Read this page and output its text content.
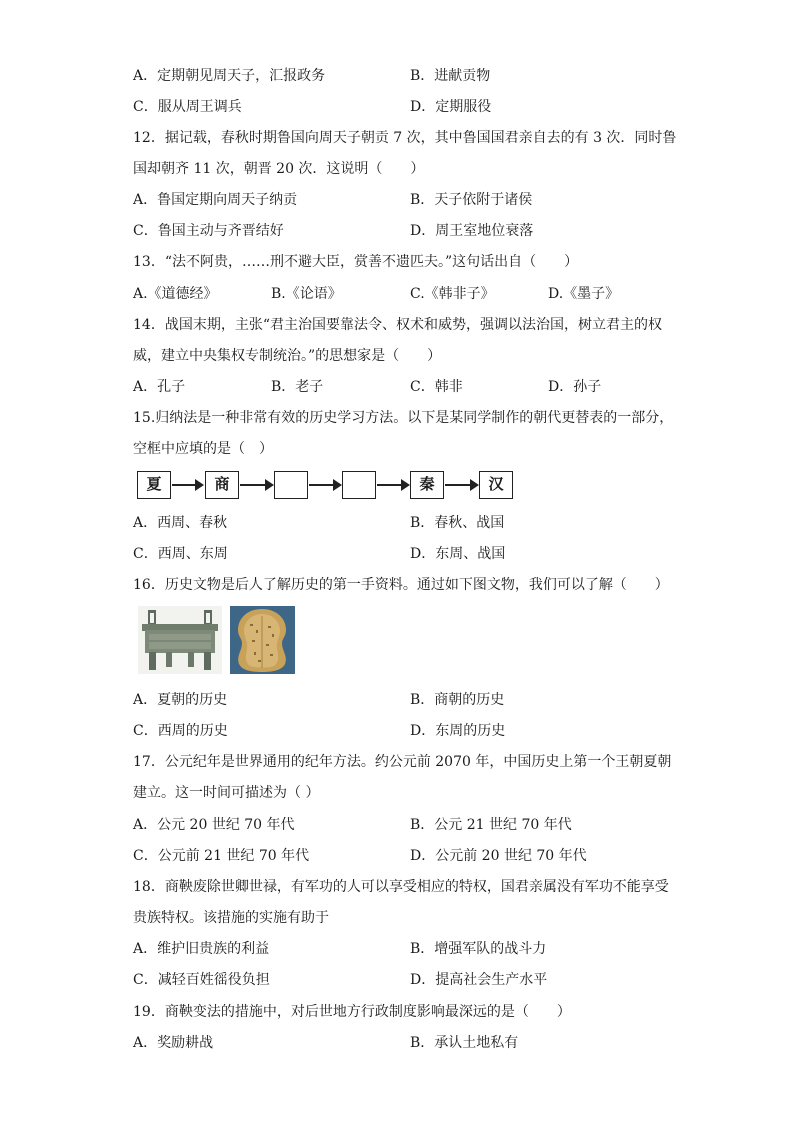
A．定期朝见周天子，汇报政务	B．进献贡物
C．服从周王调兵	D．定期服役
12．据记载，春秋时期鲁国向周天子朝贡 7 次，其中鲁国国君亲自去的有 3 次．同时鲁
国却朝齐 11 次，朝晋 20 次．这说明（　　）
A．鲁国定期向周天子纳贡	B．天子依附于诸侯
C．鲁国主动与齐晋结好	D．周王室地位衰落
13．“法不阿贵，……刑不避大臣，赏善不遗匹夫。”这句话出自（　　）
A.《道德经》	B.《论语》	C.《韩非子》	D.《墨子》
14．战国末期，主张“君主治国要靠法令、权术和威势，强调以法治国，树立君主的权
威，建立中央集权专制统治。”的思想家是（　　）
A．孔子	B．老子	C．韩非	D．孙子
15.归纳法是一种非常有效的历史学习方法。以下是某同学制作的朝代更替表的一部分，
空框中应填的是（　）
夏	商	秦	汉
A．西周、春秋	B．春秋、战国
C．西周、东周	D．东周、战国
16．历史文物是后人了解历史的第一手资料。通过如下图文物，我们可以了解（　　）
A．夏朝的历史	B．商朝的历史
C．西周的历史	D．东周的历史
17．公元纪年是世界通用的纪年方法。约公元前 2070 年，中国历史上第一个王朝夏朝
建立。这一时间可描述为（ ）
A．公元 20 世纪 70 年代	B．公元 21 世纪 70 年代
C．公元前 21 世纪 70 年代	D．公元前 20 世纪 70 年代
18．商鞅废除世卿世禄，有军功的人可以享受相应的特权，国君亲属没有军功不能享受
贵族特权。该措施的实施有助于
A．维护旧贵族的利益	B．增强军队的战斗力
C．减轻百姓徭役负担	D．提高社会生产水平
19．商鞅变法的措施中，对后世地方行政制度影响最深远的是（　　）
A．奖励耕战	B．承认土地私有
